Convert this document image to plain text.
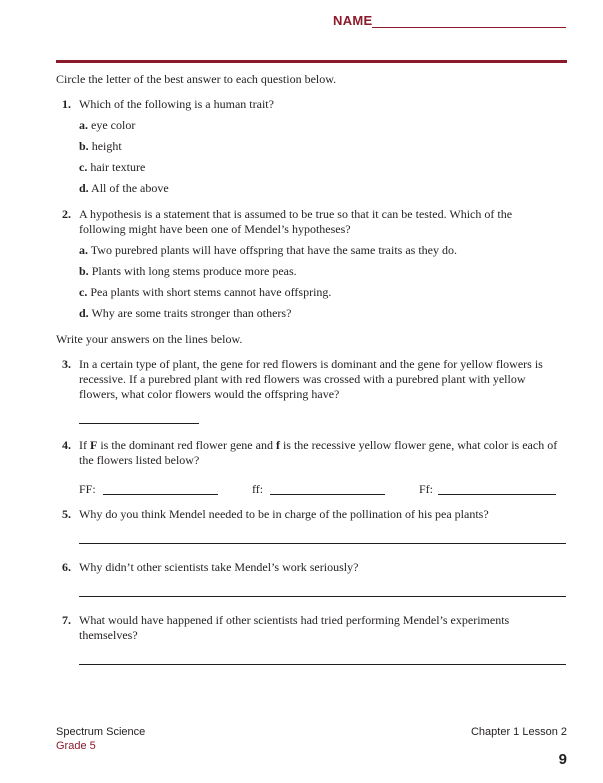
NAME
Circle the letter of the best answer to each question below.
1. Which of the following is a human trait?
a. eye color
b. height
c. hair texture
d. All of the above
2. A hypothesis is a statement that is assumed to be true so that it can be tested. Which of the
following might have been one of Mendel’s hypotheses?
a. Two purebred plants will have offspring that have the same traits as they do.
b. Plants with long stems produce more peas.
c. Pea plants with short stems cannot have offspring.
d. Why are some traits stronger than others?
Write your answers on the lines below.
3. In a certain type of plant, the gene for red flowers is dominant and the gene for yellow flowers is
recessive. If a purebred plant with red flowers was crossed with a purebred plant with yellow
flowers, what color flowers would the offspring have?
4. If F is the dominant red flower gene and f is the recessive yellow flower gene, what color is each of
the flowers listed below?
FF:	ff:	Ff:
5. Why do you think Mendel needed to be in charge of the pollination of his pea plants?
6. Why didn’t other scientists take Mendel’s work seriously?
7. What would have happened if other scientists had tried performing Mendel’s experiments
themselves?
Spectrum Science
Grade 5
Chapter 1 Lesson 2
9
